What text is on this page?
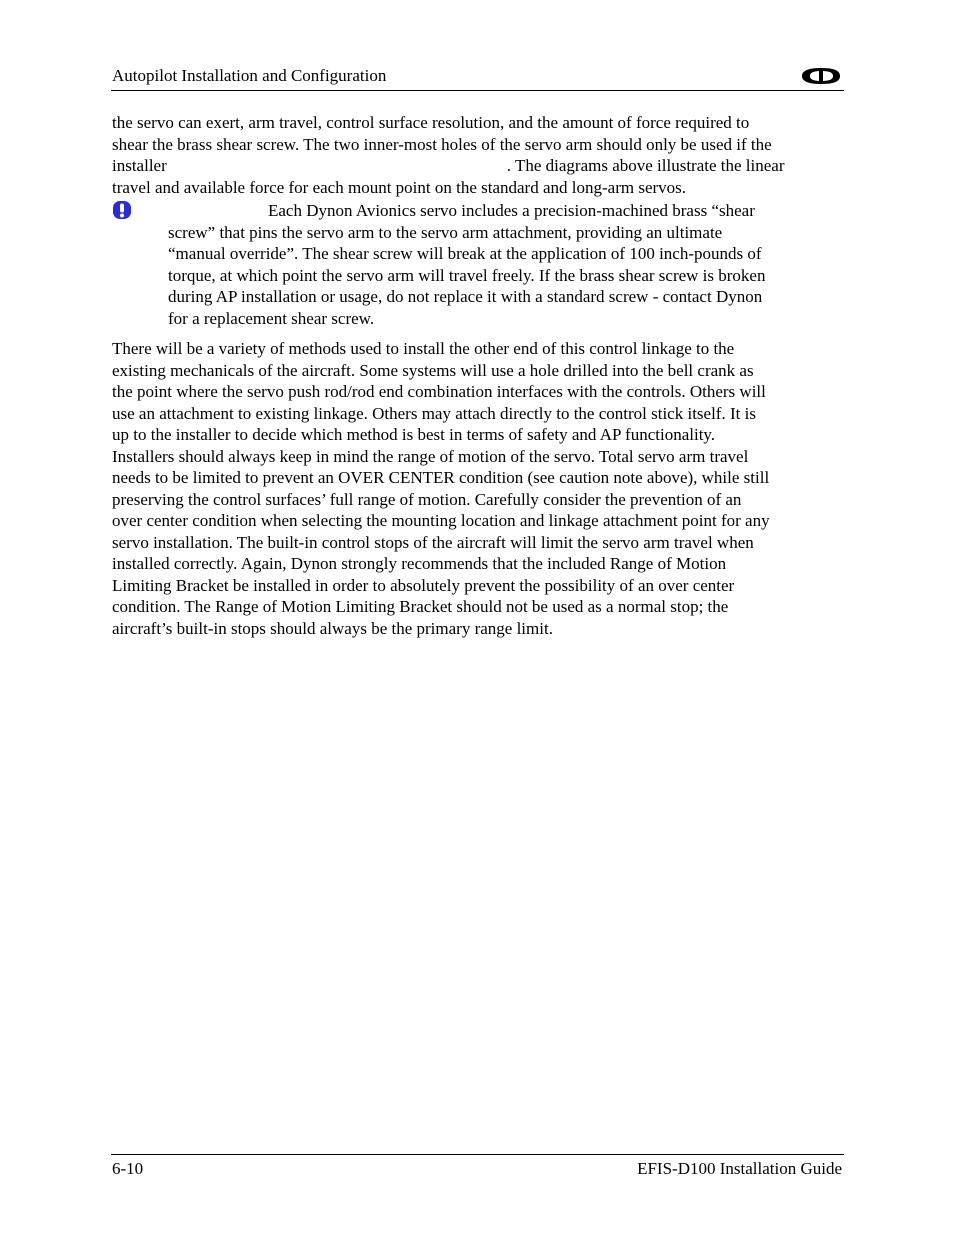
Autopilot Installation and Configuration

the servo can exert, arm travel, control surface resolution, and the amount of force required to
shear the brass shear screw. The two inner-most holes of the servo arm should only be used if the
installer	. The diagrams above illustrate the linear
travel and available force for each mount point on the standard and long-arm servos.

Each Dynon Avionics servo includes a precision-machined brass “shear
screw” that pins the servo arm to the servo arm attachment, providing an ultimate
“manual override”. The shear screw will break at the application of 100 inch-pounds of
torque, at which point the servo arm will travel freely. If the brass shear screw is broken
during AP installation or usage, do not replace it with a standard screw - contact Dynon
for a replacement shear screw.

There will be a variety of methods used to install the other end of this control linkage to the
existing mechanicals of the aircraft. Some systems will use a hole drilled into the bell crank as
the point where the servo push rod/rod end combination interfaces with the controls. Others will
use an attachment to existing linkage. Others may attach directly to the control stick itself. It is
up to the installer to decide which method is best in terms of safety and AP functionality.

Installers should always keep in mind the range of motion of the servo. Total servo arm travel
needs to be limited to prevent an OVER CENTER condition (see caution note above), while still
preserving the control surfaces’ full range of motion. Carefully consider the prevention of an
over center condition when selecting the mounting location and linkage attachment point for any
servo installation. The built-in control stops of the aircraft will limit the servo arm travel when
installed correctly. Again, Dynon strongly recommends that the included Range of Motion
Limiting Bracket be installed in order to absolutely prevent the possibility of an over center
condition. The Range of Motion Limiting Bracket should not be used as a normal stop; the
aircraft’s built-in stops should always be the primary range limit.

6-10	EFIS-D100 Installation Guide
